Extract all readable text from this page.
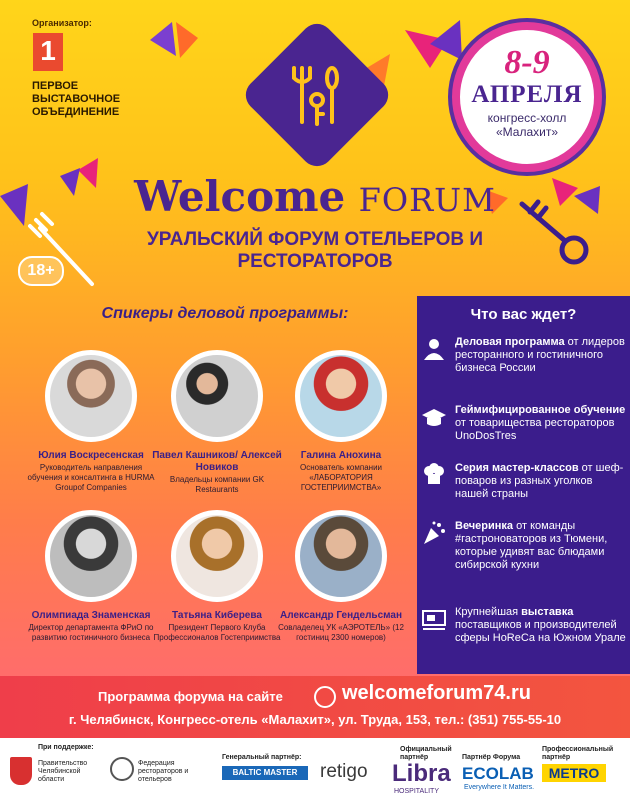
Организатор:
1
ПЕРВОЕ ВЫСТАВОЧНОЕ ОБЪЕДИНЕНИЕ
8-9
АПРЕЛЯ
конгресс-холл «Малахит»
Welcome FORUM
УРАЛЬСКИЙ ФОРУМ ОТЕЛЬЕРОВ И РЕСТОРАТОРОВ
18+
Спикеры деловой программы:
Юлия Воскресенская
Руководитель направления обучения и консалтинга в HURMA Groupof Companies
Павел Кашников/ Алексей Новиков
Владельцы компании GK Restaurants
Галина Анохина
Основатель компании «ЛАБОРАТОРИЯ ГОСТЕПРИИМСТВА»
Олимпиада Знаменская
Директор департамента ФРиО по развитию гостиничного бизнеса
Татьяна Киберева
Президент Первого Клуба Профессионалов Гостеприимства
Александр Гендельсман
Совладелец УК «АЭРОТЕЛЬ» (12 гостиниц 2300 номеров)
Что вас ждет?
Деловая программа от лидеров ресторанного и гостиничного бизнеса России
Геймифицированное обучение от товарищества рестораторов UnoDosTres
Серия мастер-классов от шеф-поваров из разных уголков нашей страны
Вечеринка от команды #гастроноваторов из Тюмени, которые удивят вас блюдами сибирской кухни
Крупнейшая выставка поставщиков и производителей сферы HoReCa на Южном Урале
Программа форума на сайте	welcomeforum74.ru
г. Челябинск, Конгресс-отель «Малахит», ул. Труда, 153, тел.: (351) 755-55-10
При поддержке:
Правительство Челябинской области
Федерация рестораторов и отельеров
Генеральный партнёр:
BALTIC MASTER	retigo
Официальный партнёр
Libra
HOSPITALITY
Партнёр Форума
ECOLAB
Everywhere It Matters.
Профессиональный партнёр
METRO
